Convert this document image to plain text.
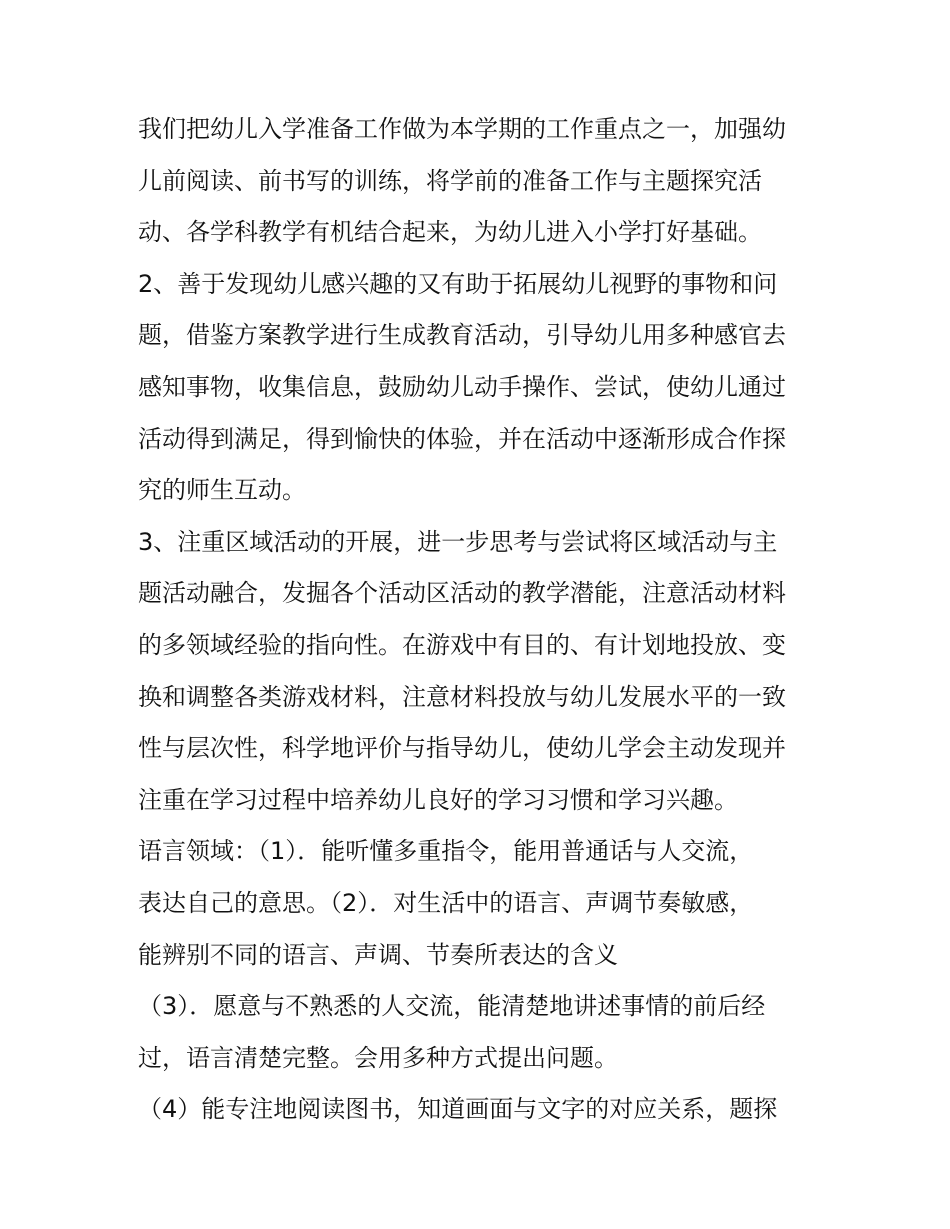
我们把幼儿入学准备工作做为本学期的工作重点之一，加强幼
儿前阅读、前书写的训练，将学前的准备工作与主题探究活
动、各学科教学有机结合起来，为幼儿进入小学打好基础。
2、善于发现幼儿感兴趣的又有助于拓展幼儿视野的事物和问
题，借鉴方案教学进行生成教育活动，引导幼儿用多种感官去
感知事物，收集信息，鼓励幼儿动手操作、尝试，使幼儿通过
活动得到满足，得到愉快的体验，并在活动中逐渐形成合作探
究的师生互动。
3、注重区域活动的开展，进一步思考与尝试将区域活动与主
题活动融合，发掘各个活动区活动的教学潜能，注意活动材料
的多领域经验的指向性。在游戏中有目的、有计划地投放、变
换和调整各类游戏材料，注意材料投放与幼儿发展水平的一致
性与层次性，科学地评价与指导幼儿，使幼儿学会主动发现并
注重在学习过程中培养幼儿良好的学习习惯和学习兴趣。
语言领域：（1）．能听懂多重指令，能用普通话与人交流，
表达自己的意思。（2）．对生活中的语言、声调节奏敏感，
能辨别不同的语言、声调、节奏所表达的含义
（3）．愿意与不熟悉的人交流，能清楚地讲述事情的前后经
过，语言清楚完整。会用多种方式提出问题。
（4）能专注地阅读图书，知道画面与文字的对应关系，题探
